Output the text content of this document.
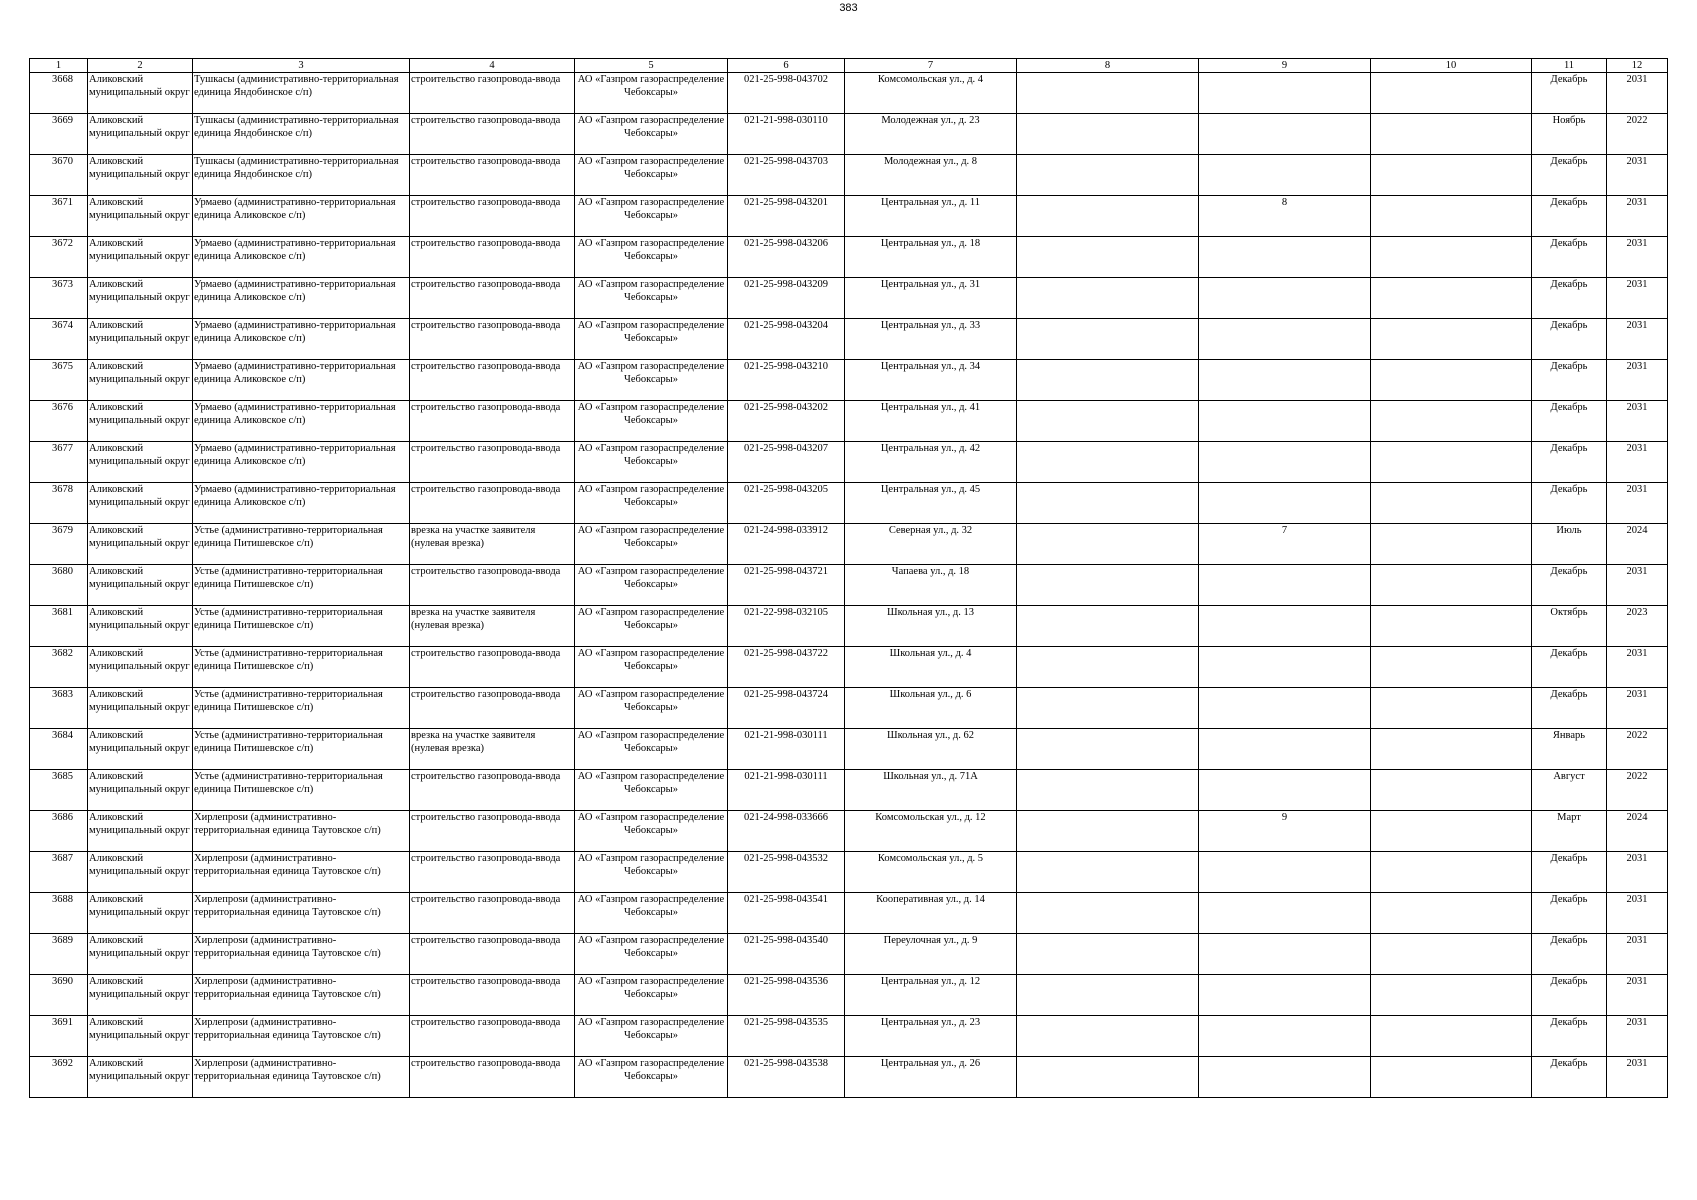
383
1	2	3	4	5	6	7	8	9	10	11	12

3668	Аликовский муниципальный округ	Тушкасы (административно-территориальная единица Яндобинское с/п)	строительство газопровода-ввода	АО «Газпром газораспределение Чебоксары»	021-25-998-043702	Комсомольская ул., д. 4				Декабрь	2031

3669	Аликовский муниципальный округ	Тушкасы (административно-территориальная единица Яндобинское с/п)	строительство газопровода-ввода	АО «Газпром газораспределение Чебоксары»	021-21-998-030110	Молодежная ул., д. 23				Ноябрь	2022

3670	Аликовский муниципальный округ	Тушкасы (административно-территориальная единица Яндобинское с/п)	строительство газопровода-ввода	АО «Газпром газораспределение Чебоксары»	021-25-998-043703	Молодежная ул., д. 8				Декабрь	2031

3671	Аликовский муниципальный округ	Урмаево (административно-территориальная единица Аликовское с/п)	строительство газопровода-ввода	АО «Газпром газораспределение Чебоксары»	021-25-998-043201	Центральная ул., д. 11		8		Декабрь	2031

3672	Аликовский муниципальный округ	Урмаево (административно-территориальная единица Аликовское с/п)	строительство газопровода-ввода	АО «Газпром газораспределение Чебоксары»	021-25-998-043206	Центральная ул., д. 18				Декабрь	2031

3673	Аликовский муниципальный округ	Урмаево (административно-территориальная единица Аликовское с/п)	строительство газопровода-ввода	АО «Газпром газораспределение Чебоксары»	021-25-998-043209	Центральная ул., д. 31				Декабрь	2031

3674	Аликовский муниципальный округ	Урмаево (административно-территориальная единица Аликовское с/п)	строительство газопровода-ввода	АО «Газпром газораспределение Чебоксары»	021-25-998-043204	Центральная ул., д. 33				Декабрь	2031

3675	Аликовский муниципальный округ	Урмаево (административно-территориальная единица Аликовское с/п)	строительство газопровода-ввода	АО «Газпром газораспределение Чебоксары»	021-25-998-043210	Центральная ул., д. 34				Декабрь	2031

3676	Аликовский муниципальный округ	Урмаево (административно-территориальная единица Аликовское с/п)	строительство газопровода-ввода	АО «Газпром газораспределение Чебоксары»	021-25-998-043202	Центральная ул., д. 41				Декабрь	2031

3677	Аликовский муниципальный округ	Урмаево (административно-территориальная единица Аликовское с/п)	строительство газопровода-ввода	АО «Газпром газораспределение Чебоксары»	021-25-998-043207	Центральная ул., д. 42				Декабрь	2031

3678	Аликовский муниципальный округ	Урмаево (административно-территориальная единица Аликовское с/п)	строительство газопровода-ввода	АО «Газпром газораспределение Чебоксары»	021-25-998-043205	Центральная ул., д. 45				Декабрь	2031

3679	Аликовский муниципальный округ	Устье (административно-территориальная единица Питишевское с/п)	врезка на участке заявителя (нулевая врезка)	АО «Газпром газораспределение Чебоксары»	021-24-998-033912	Северная ул., д. 32		7		Июль	2024

3680	Аликовский муниципальный округ	Устье (административно-территориальная единица Питишевское с/п)	строительство газопровода-ввода	АО «Газпром газораспределение Чебоксары»	021-25-998-043721	Чапаева ул., д. 18				Декабрь	2031

3681	Аликовский муниципальный округ	Устье (административно-территориальная единица Питишевское с/п)	врезка на участке заявителя (нулевая врезка)	АО «Газпром газораспределение Чебоксары»	021-22-998-032105	Школьная ул., д. 13				Октябрь	2023

3682	Аликовский муниципальный округ	Устье (административно-территориальная единица Питишевское с/п)	строительство газопровода-ввода	АО «Газпром газораспределение Чебоксары»	021-25-998-043722	Школьная ул., д. 4				Декабрь	2031

3683	Аликовский муниципальный округ	Устье (административно-территориальная единица Питишевское с/п)	строительство газопровода-ввода	АО «Газпром газораспределение Чебоксары»	021-25-998-043724	Школьная ул., д. 6				Декабрь	2031

3684	Аликовский муниципальный округ	Устье (административно-территориальная единица Питишевское с/п)	врезка на участке заявителя (нулевая врезка)	АО «Газпром газораспределение Чебоксары»	021-21-998-030111	Школьная ул., д. 62				Январь	2022

3685	Аликовский муниципальный округ	Устье (административно-территориальная единица Питишевское с/п)	строительство газопровода-ввода	АО «Газпром газораспределение Чебоксары»	021-21-998-030111	Школьная ул., д. 71А				Август	2022

3686	Аликовский муниципальный округ	Хирлепposи (административно-территориальная единица Таутовское с/п)	строительство газопровода-ввода	АО «Газпром газораспределение Чебоксары»	021-24-998-033666	Комсомольская ул., д. 12		9		Март	2024

3687	Аликовский муниципальный округ	Хирлепposи (административно-территориальная единица Таутовское с/п)	строительство газопровода-ввода	АО «Газпром газораспределение Чебоксары»	021-25-998-043532	Комсомольская ул., д. 5				Декабрь	2031

3688	Аликовский муниципальный округ	Хирлепposи (административно-территориальная единица Таутовское с/п)	строительство газопровода-ввода	АО «Газпром газораспределение Чебоксары»	021-25-998-043541	Кооперативная ул., д. 14				Декабрь	2031

3689	Аликовский муниципальный округ	Хирлепposи (административно-территориальная единица Таутовское с/п)	строительство газопровода-ввода	АО «Газпром газораспределение Чебоксары»	021-25-998-043540	Переулочная ул., д. 9				Декабрь	2031

3690	Аликовский муниципальный округ	Хирлепposи (административно-территориальная единица Таутовское с/п)	строительство газопровода-ввода	АО «Газпром газораспределение Чебоксары»	021-25-998-043536	Центральная ул., д. 12				Декабрь	2031

3691	Аликовский муниципальный округ	Хирлепposи (административно-территориальная единица Таутовское с/п)	строительство газопровода-ввода	АО «Газпром газораспределение Чебоксары»	021-25-998-043535	Центральная ул., д. 23				Декабрь	2031

3692	Аликовский муниципальный округ	Хирлепposи (административно-территориальная единица Таутовское с/п)	строительство газопровода-ввода	АО «Газпром газораспределение Чебоксары»	021-25-998-043538	Центральная ул., д. 26				Декабрь	2031
